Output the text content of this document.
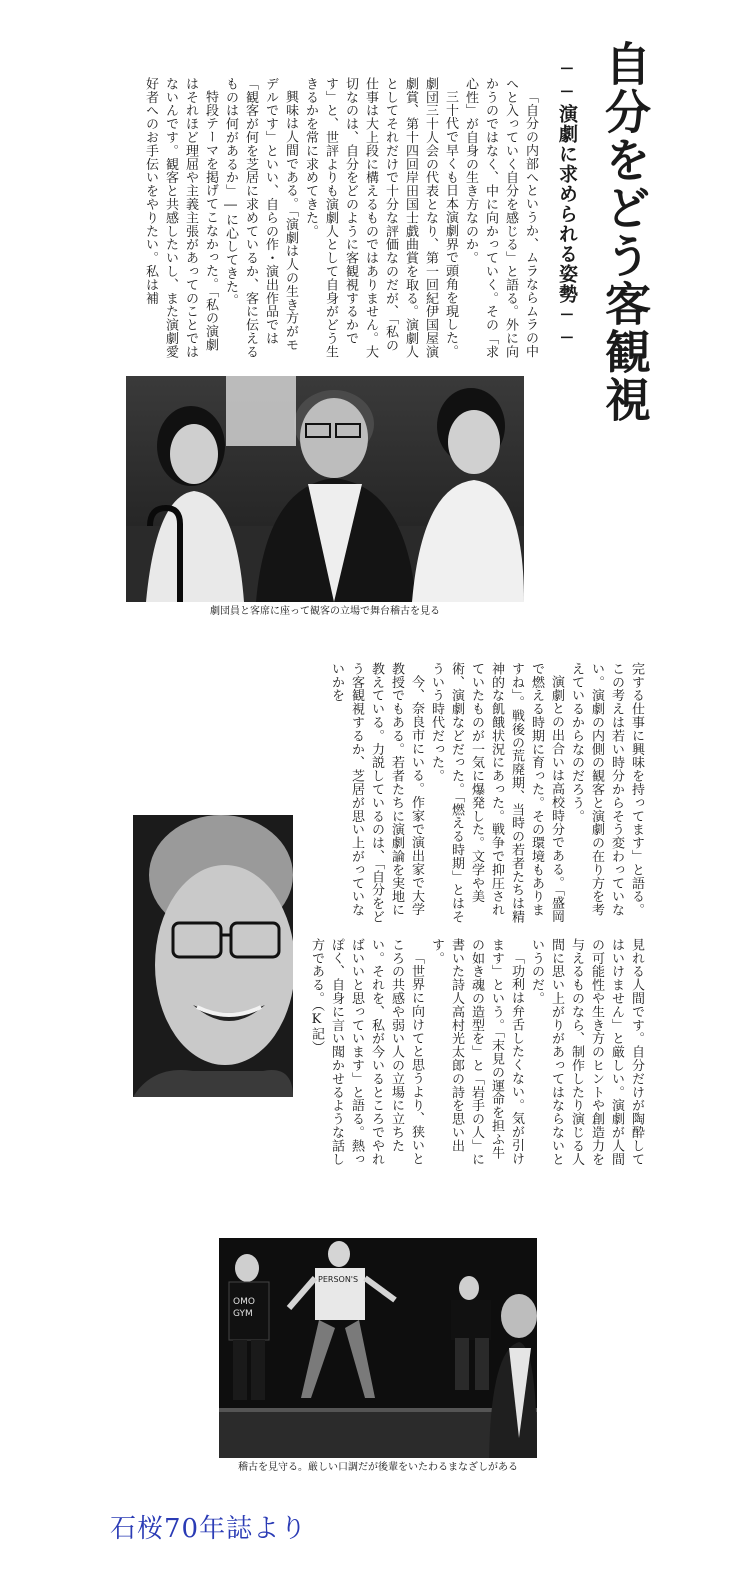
自分をどう客観視
──演劇に求められる姿勢──

「自分の内部へというか、ムラならムラの中へと入っていく自分を感じる」と語る。外に向かうのではなく、中に向かっていく。その「求心性」が自身の生き方なのか。

三十代で早くも日本演劇界で頭角を現した。劇団三十人会の代表となり、第一回紀伊国屋演劇賞、第十四回岸田国士戯曲賞を取る。演劇人としてそれだけで十分な評価なのだが、「私の仕事は大上段に構えるものではありません。大切なのは、自分をどのように客観視するかです」と、世評よりも演劇人として自身がどう生きるかを常に求めてきた。

興味は人間である。「演劇は人の生き方がモデルです」といい、自らの作・演出作品では「観客が何を芝居に求めているか、客に伝えるものは何があるか」―に心してきた。

特段テーマを掲げてこなかった。「私の演劇はそれほど理屈や主義主張があってのことではないんです。観客と共感したいし、また演劇愛好者へのお手伝いをやりたい。私は補

劇団員と客席に座って観客の立場で舞台稽古を見る

完する仕事に興味を持ってます」と語る。この考えは若い時分からそう変わっていない。演劇の内側の観客と演劇の在り方を考えているからなのだろう。

演劇との出合いは高校時分である。「盛岡で燃える時期に育った。その環境もありますね」。戦後の荒廃期、当時の若者たちは精神的な飢餓状況にあった。戦争で抑圧されていたものが一気に爆発した。文学や美術、演劇などだった。「燃える時期」とはそういう時代だった。

今、奈良市にいる。作家で演出家で大学教授でもある。若者たちに演劇論を実地に教えている。力説しているのは、「自分をどう客観視するか、芝居が思い上がっていないかを

見れる人間です。自分だけが陶酔してはいけません」と厳しい。演劇が人間の可能性や生き方のヒントや創造力を与えるものなら、制作したり演じる人間に思い上がりがあってはならないというのだ。

「功利は弁舌したくない。気が引けます」という。「末見の運命を担ふ牛の如き魂の造型を」と「岩手の人」に書いた詩人高村光太郎の詩を思い出す。

「世界に向けてと思うより、狭いところの共感や弱い人の立場に立ちたい。それを、私が今いるところでやればいいと思っています」と語る。熱っぽく、自身に言い聞かせるような話し方である。（K記）

OMO
GYM
PERSON'S
稽古を見守る。厳しい口調だが後輩をいたわるまなざしがある
石桜70年誌より
